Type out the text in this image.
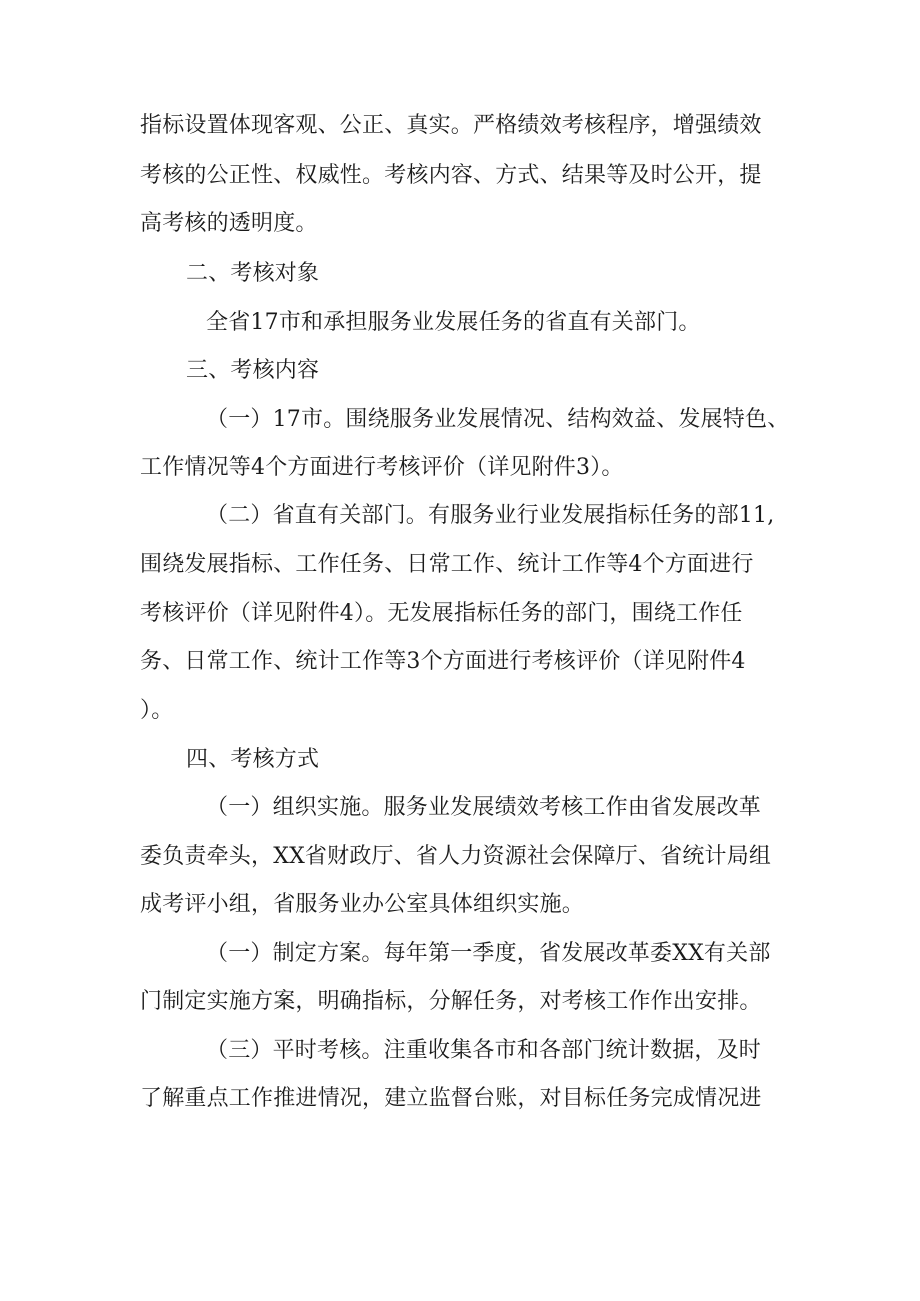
指标设置体现客观、公正、真实。严格绩效考核程序，增强绩效
考核的公正性、权威性。考核内容、方式、结果等及时公开，提
高考核的透明度。
二、考核对象
全省17市和承担服务业发展任务的省直有关部门。
三、考核内容
（一）17市。围绕服务业发展情况、结构效益、发展特色、
工作情况等4个方面进行考核评价（详见附件3）。
（二）省直有关部门。有服务业行业发展指标任务的部11,
围绕发展指标、工作任务、日常工作、统计工作等4个方面进行
考核评价（详见附件4）。无发展指标任务的部门，围绕工作任
务、日常工作、统计工作等3个方面进行考核评价（详见附件4
）。
四、考核方式
（一）组织实施。服务业发展绩效考核工作由省发展改革
委负责牵头，XX省财政厅、省人力资源社会保障厅、省统计局组
成考评小组，省服务业办公室具体组织实施。
（一）制定方案。每年第一季度，省发展改革委XX有关部
门制定实施方案，明确指标，分解任务，对考核工作作出安排。
（三）平时考核。注重收集各市和各部门统计数据，及时
了解重点工作推进情况，建立监督台账，对目标任务完成情况进
